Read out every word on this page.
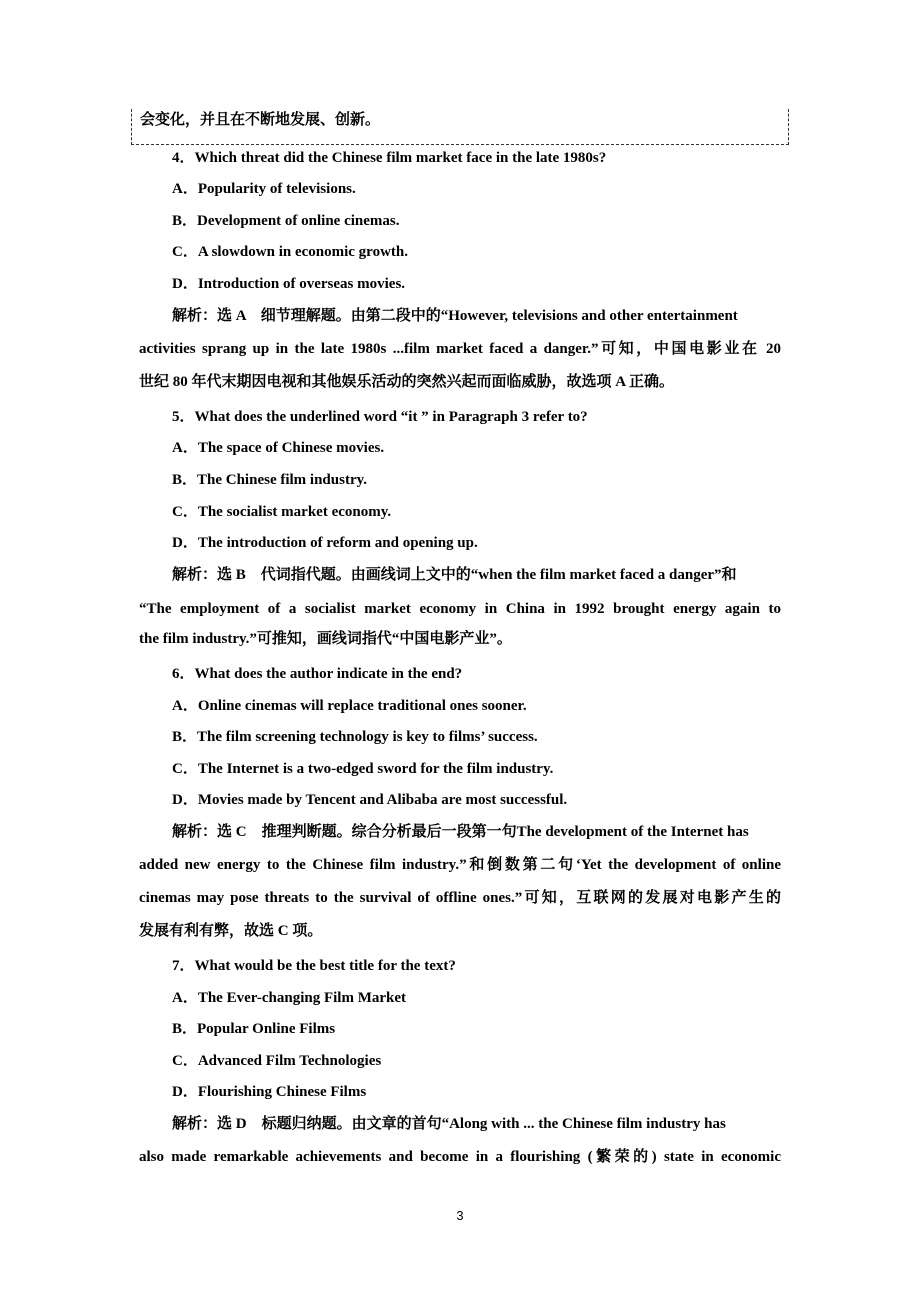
会变化，并且在不断地发展、创新。
4．Which threat did the Chinese film market face in the late 1980s?
A．Popularity of televisions.
B．Development of online cinemas.
C．A slowdown in economic growth.
D．Introduction of overseas movies.
解析：选 A　细节理解题。由第二段中的“However, televisions and other entertainment
activities sprang up in the late 1980s ...film market faced a danger.”可知，中国电影业在 20
世纪 80 年代末期因电视和其他娱乐活动的突然兴起而面临威胁，故选项 A 正确。
5．What does the underlined word “it ” in Paragraph 3 refer to?
A．The space of Chinese movies.
B．The Chinese film industry.
C．The socialist market economy.
D．The introduction of reform and opening up.
解析：选 B　代词指代题。由画线词上文中的“when the film market faced a danger”和
“The employment of a socialist market economy in China in 1992 brought energy again to
the film industry.”可推知，画线词指代“中国电影产业”。
6．What does the author indicate in the end?
A．Online cinemas will replace traditional ones sooner.
B．The film screening technology is key to films’ success.
C．The Internet is a two-edged sword for the film industry.
D．Movies made by Tencent and Alibaba are most successful.
解析：选 C　推理判断题。综合分析最后一段第一句The development of the Internet has
added new energy to the Chinese film industry.”和倒数第二句‘Yet the development of online
cinemas may pose threats to the survival of offline ones.”可知，互联网的发展对电影产生的
发展有利有弊，故选 C 项。
7．What would be the best title for the text?
A．The Ever-changing Film Market
B．Popular Online Films
C．Advanced Film Technologies
D．Flourishing Chinese Films
解析：选 D　标题归纳题。由文章的首句“Along with ... the Chinese film industry has
also made remarkable achievements and become in a flourishing (繁荣的) state in economic
3
